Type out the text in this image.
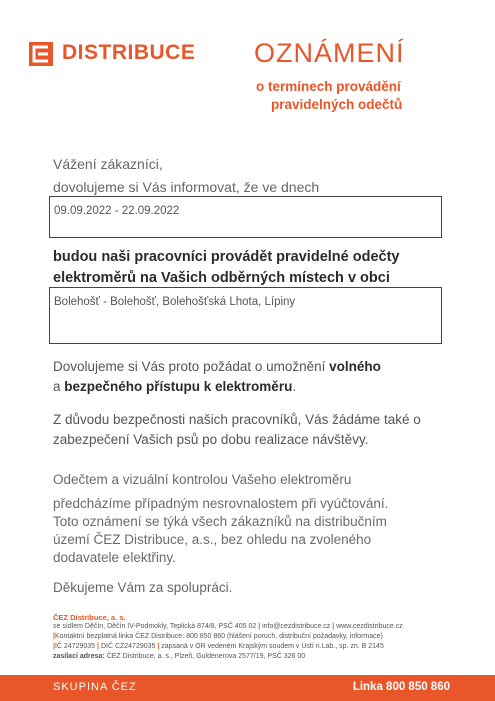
DISTRIBUCE OZNÁMENÍ
o termínech provádění
pravidelných odečtů
Vážení zákazníci,
dovolujeme si Vás informovat, že ve dnech
09.09.2022 - 22.09.2022
budou naši pracovníci provádět pravidelné odečty
elektroměrů na Vašich odběrných místech v obci
Bolehošť - Bolehošť, Bolehošťská Lhota, Lípiny
Dovolujeme si Vás proto požádat o umožnění volného
a bezpečného přístupu k elektroměru.
Z důvodu bezpečnosti našich pracovníků, Vás žádáme také o
zabezpečení Vašich psů po dobu realizace návštěvy.
Odečtem a vizuální kontrolou Vašeho elektroměru
předcházíme případným nesrovnalostem při vyúčtování.
Toto oznámení se týká všech zákazníků na distribučním
území ČEZ Distribuce, a.s., bez ohledu na zvoleného
dodavatele elektřiny.
Děkujeme Vám za spolupráci.
ČEZ Distribuce, a. s.
se sídlem Děčín, Děčín IV-Podmokly, Teplická 874/8, PSČ 405 02 | info@cezdistribuce.cz | www.cezdistribuce.cz
|Kontaktní bezplatná linka ČEZ Distribuce: 800 850 860 (hlášení poruch, distribuční požadavky, informace)
|IČ 24729035 | DIČ CZ24729035 | zapsaná v OR vedeném Krajským soudem v Ústí n.Lab., sp. zn. B 2145
zasílací adresa: ČEZ Distribuce, a. s., Plzeň, Guldenerova 2577/19, PSČ 326 00
SKUPINA ČEZ	Linka 800 850 860
